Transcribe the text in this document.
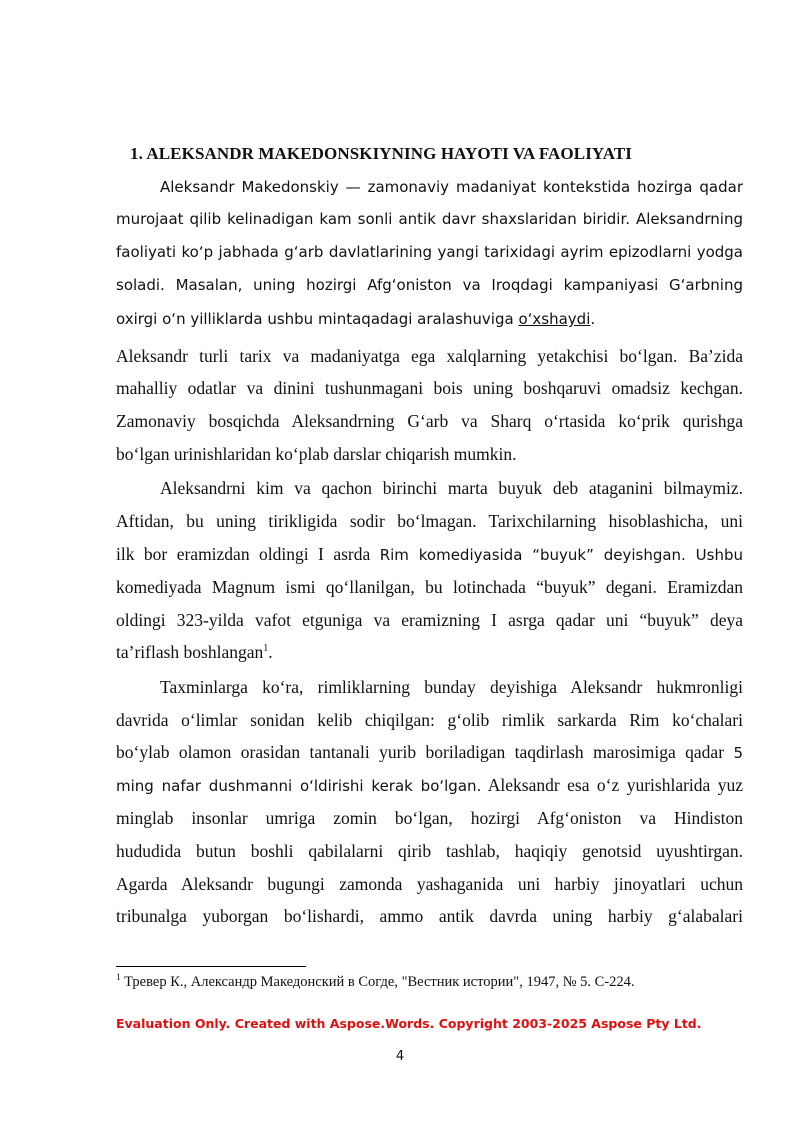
1. ALEKSANDR MAKEDONSKIYNING HAYOTI VA FAOLIYATI
Aleksandr Makedonskiy — zamonaviy madaniyat kontekstida hozirga qadar
murojaat qilib kelinadigan kam sonli antik davr shaxslaridan biridir. Aleksandrning
faoliyati ko‘p jabhada g‘arb davlatlarining yangi tarixidagi ayrim epizodlarni yodga
soladi. Masalan, uning hozirgi Afg‘oniston va Iroqdagi kampaniyasi G‘arbning
oxirgi o‘n yilliklarda ushbu mintaqadagi aralashuviga o‘xshaydi.
Aleksandr turli tarix va madaniyatga ega xalqlarning yetakchisi bo‘lgan. Ba’zida
mahalliy odatlar va dinini tushunmagani bois uning boshqaruvi omadsiz kechgan.
Zamonaviy bosqichda Aleksandrning G‘arb va Sharq o‘rtasida ko‘prik qurishga
bo‘lgan urinishlaridan ko‘plab darslar chiqarish mumkin.
Aleksandrni kim va qachon birinchi marta buyuk deb ataganini bilmaymiz.
Aftidan, bu uning tirikligida sodir bo‘lmagan. Tarixchilarning hisoblashicha, uni
ilk bor eramizdan oldingi I asrda Rim komediyasida “buyuk” deyishgan. Ushbu
komediyada Magnum ismi qo‘llanilgan, bu lotinchada “buyuk” degani. Eramizdan
oldingi 323-yilda vafot etguniga va eramizning I asrga qadar uni “buyuk” deya
ta’riflash boshlangan$^1$.
Taxminlarga ko‘ra, rimliklarning bunday deyishiga Aleksandr hukmronligi
davrida o‘limlar sonidan kelib chiqilgan: g‘olib rimlik sarkarda Rim ko‘chalari
bo‘ylab olamon orasidan tantanali yurib boriladigan taqdirlash marosimiga qadar 5
ming nafar dushmanni o‘ldirishi kerak bo‘lgan. Aleksandr esa o‘z yurishlarida yuz
minglab insonlar umriga zomin bo‘lgan, hozirgi Afg‘oniston va Hindiston
hududida butun boshli qabilalarni qirib tashlab, haqiqiy genotsid uyushtirgan.
Agarda Aleksandr bugungi zamonda yashaganida uni harbiy jinoyatlari uchun
tribunalga yuborgan bo‘lishardi, ammo antik davrda uning harbiy g‘alabalari
$^1$ Тревер К., Александр Македонский в Согде, "Вестник истории", 1947, № 5. С-224.
Evaluation Only. Created with Aspose.Words. Copyright 2003-2025 Aspose Pty Ltd.
4
